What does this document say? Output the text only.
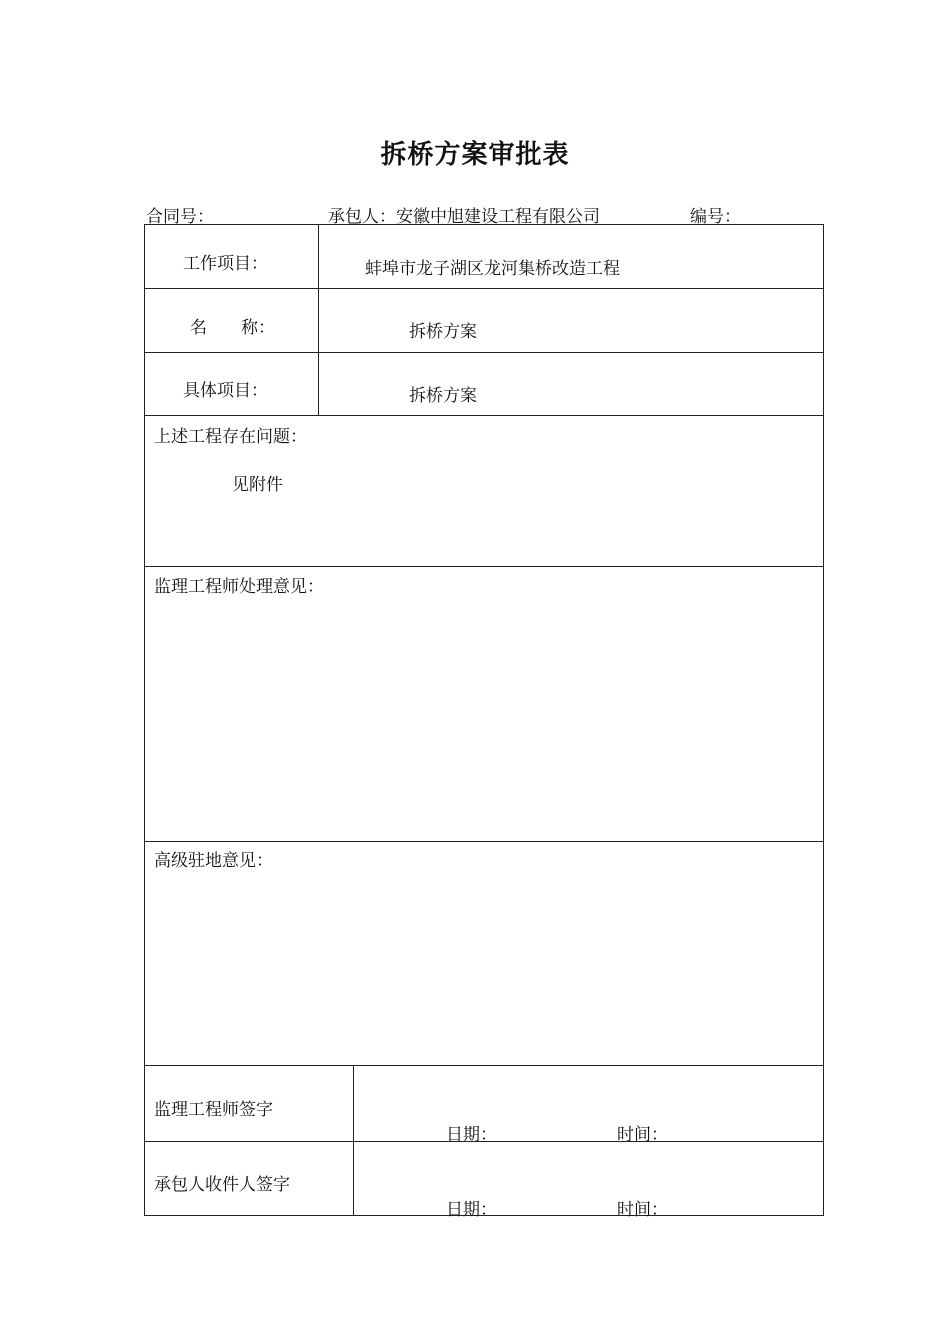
拆桥方案审批表
合同号：	承包人：安徽中旭建设工程有限公司	编号：
工作项目：	蚌埠市龙子湖区龙河集桥改造工程
名　　称：	拆桥方案
具体项目：	拆桥方案
上述工程存在问题：
见附件
监理工程师处理意见：
高级驻地意见：
监理工程师签字
日期：	时间：
承包人收件人签字
日期：	时间：
